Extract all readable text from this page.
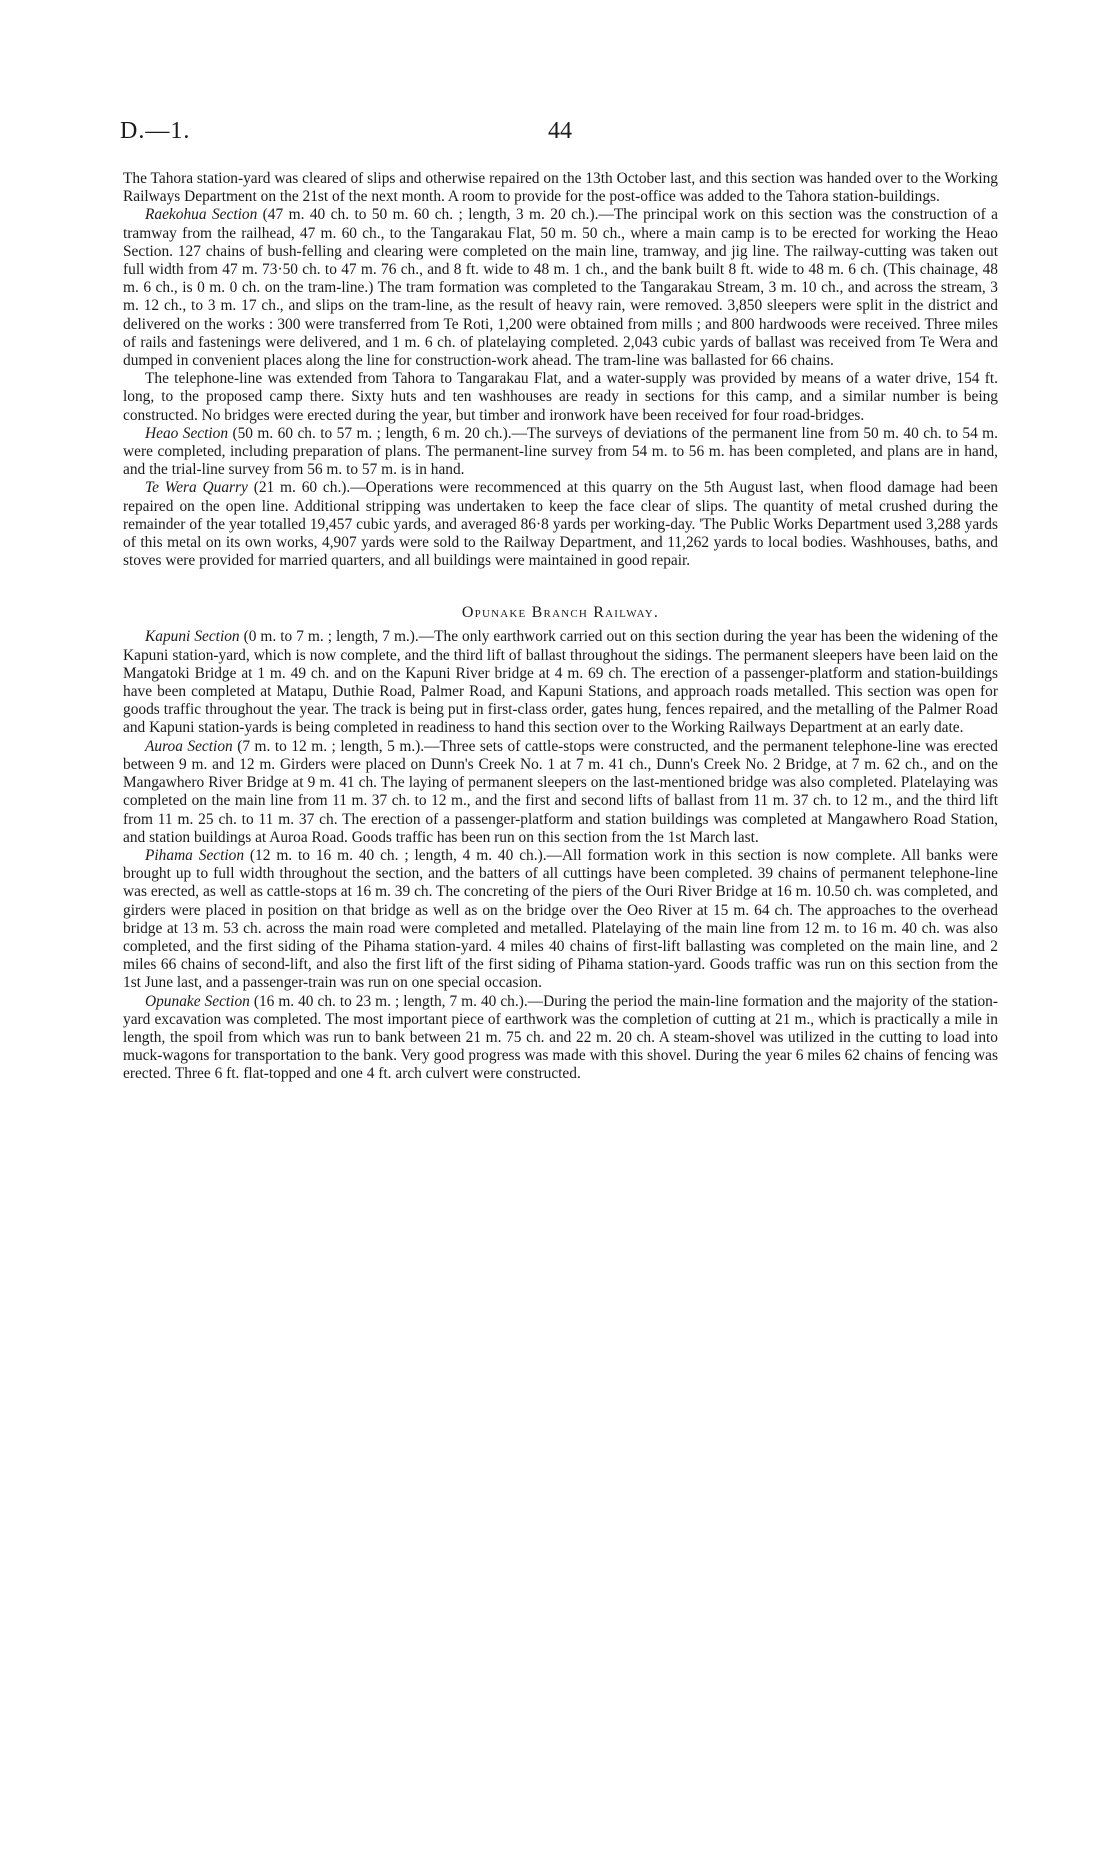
D.—1.	44

The Tahora station-yard was cleared of slips and otherwise repaired on the 13th October last, and this section was handed over to the Working Railways Department on the 21st of the next month. A room to provide for the post-office was added to the Tahora station-buildings.

Raekohua Section (47 m. 40 ch. to 50 m. 60 ch. ; length, 3 m. 20 ch.).—The principal work on this section was the construction of a tramway from the railhead, 47 m. 60 ch., to the Tangarakau Flat, 50 m. 50 ch., where a main camp is to be erected for working the Heao Section. 127 chains of bush-felling and clearing were completed on the main line, tramway, and jig line. The railway-cutting was taken out full width from 47 m. 73·50 ch. to 47 m. 76 ch., and 8 ft. wide to 48 m. 1 ch., and the bank built 8 ft. wide to 48 m. 6 ch. (This chainage, 48 m. 6 ch., is 0 m. 0 ch. on the tram-line.) The tram formation was completed to the Tangarakau Stream, 3 m. 10 ch., and across the stream, 3 m. 12 ch., to 3 m. 17 ch., and slips on the tram-line, as the result of heavy rain, were removed. 3,850 sleepers were split in the district and delivered on the works : 300 were transferred from Te Roti, 1,200 were obtained from mills ; and 800 hardwoods were received. Three miles of rails and fastenings were delivered, and 1 m. 6 ch. of platelaying completed. 2,043 cubic yards of ballast was received from Te Wera and dumped in convenient places along the line for construction-work ahead. The tram-line was ballasted for 66 chains.

The telephone-line was extended from Tahora to Tangarakau Flat, and a water-supply was provided by means of a water drive, 154 ft. long, to the proposed camp there. Sixty huts and ten washhouses are ready in sections for this camp, and a similar number is being constructed. No bridges were erected during the year, but timber and ironwork have been received for four road-bridges.

Heao Section (50 m. 60 ch. to 57 m. ; length, 6 m. 20 ch.).—The surveys of deviations of the permanent line from 50 m. 40 ch. to 54 m. were completed, including preparation of plans. The permanent-line survey from 54 m. to 56 m. has been completed, and plans are in hand, and the trial-line survey from 56 m. to 57 m. is in hand.

Te Wera Quarry (21 m. 60 ch.).—Operations were recommenced at this quarry on the 5th August last, when flood damage had been repaired on the open line. Additional stripping was undertaken to keep the face clear of slips. The quantity of metal crushed during the remainder of the year totalled 19,457 cubic yards, and averaged 86·8 yards per working-day. 'The Public Works Department used 3,288 yards of this metal on its own works, 4,907 yards were sold to the Railway Department, and 11,262 yards to local bodies. Washhouses, baths, and stoves were provided for married quarters, and all buildings were maintained in good repair.

Opunake Branch Railway.

Kapuni Section (0 m. to 7 m. ; length, 7 m.).—The only earthwork carried out on this section during the year has been the widening of the Kapuni station-yard, which is now complete, and the third lift of ballast throughout the sidings. The permanent sleepers have been laid on the Mangatoki Bridge at 1 m. 49 ch. and on the Kapuni River bridge at 4 m. 69 ch. The erection of a passenger-platform and station-buildings have been completed at Matapu, Duthie Road, Palmer Road, and Kapuni Stations, and approach roads metalled. This section was open for goods traffic throughout the year. The track is being put in first-class order, gates hung, fences repaired, and the metalling of the Palmer Road and Kapuni station-yards is being completed in readiness to hand this section over to the Working Railways Department at an early date.

Auroa Section (7 m. to 12 m. ; length, 5 m.).—Three sets of cattle-stops were constructed, and the permanent telephone-line was erected between 9 m. and 12 m. Girders were placed on Dunn's Creek No. 1 at 7 m. 41 ch., Dunn's Creek No. 2 Bridge, at 7 m. 62 ch., and on the Mangawhero River Bridge at 9 m. 41 ch. The laying of permanent sleepers on the last-mentioned bridge was also completed. Platelaying was completed on the main line from 11 m. 37 ch. to 12 m., and the first and second lifts of ballast from 11 m. 37 ch. to 12 m., and the third lift from 11 m. 25 ch. to 11 m. 37 ch. The erection of a passenger-platform and station buildings was completed at Mangawhero Road Station, and station buildings at Auroa Road. Goods traffic has been run on this section from the 1st March last.

Pihama Section (12 m. to 16 m. 40 ch. ; length, 4 m. 40 ch.).—All formation work in this section is now complete. All banks were brought up to full width throughout the section, and the batters of all cuttings have been completed. 39 chains of permanent telephone-line was erected, as well as cattle-stops at 16 m. 39 ch. The concreting of the piers of the Ouri River Bridge at 16 m. 10.50 ch. was completed, and girders were placed in position on that bridge as well as on the bridge over the Oeo River at 15 m. 64 ch. The approaches to the overhead bridge at 13 m. 53 ch. across the main road were completed and metalled. Platelaying of the main line from 12 m. to 16 m. 40 ch. was also completed, and the first siding of the Pihama station-yard. 4 miles 40 chains of first-lift ballasting was completed on the main line, and 2 miles 66 chains of second-lift, and also the first lift of the first siding of Pihama station-yard. Goods traffic was run on this section from the 1st June last, and a passenger-train was run on one special occasion.

Opunake Section (16 m. 40 ch. to 23 m. ; length, 7 m. 40 ch.).—During the period the main-line formation and the majority of the station-yard excavation was completed. The most important piece of earthwork was the completion of cutting at 21 m., which is practically a mile in length, the spoil from which was run to bank between 21 m. 75 ch. and 22 m. 20 ch. A steam-shovel was utilized in the cutting to load into muck-wagons for transportation to the bank. Very good progress was made with this shovel. During the year 6 miles 62 chains of fencing was erected. Three 6 ft. flat-topped and one 4 ft. arch culvert were constructed.
